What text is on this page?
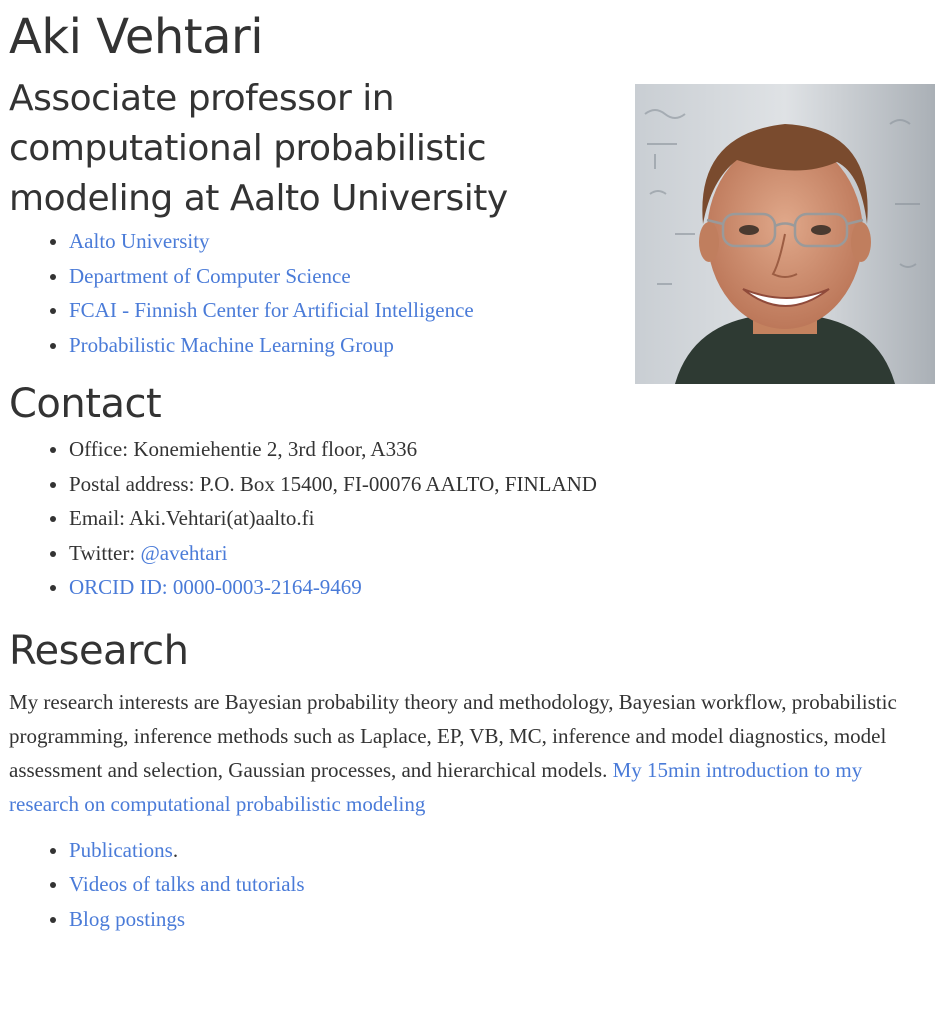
Aki Vehtari
Associate professor in computational probabilistic modeling at Aalto University
• Aalto University
• Department of Computer Science
• FCAI - Finnish Center for Artificial Intelligence
• Probabilistic Machine Learning Group
Contact
• Office: Konemiehentie 2, 3rd floor, A336
• Postal address: P.O. Box 15400, FI-00076 AALTO, FINLAND
• Email: Aki.Vehtari(at)aalto.fi
• Twitter: @avehtari
• ORCID ID: 0000-0003-2164-9469
Research

My research interests are Bayesian probability theory and methodology, Bayesian workflow, probabilistic programming, inference methods such as Laplace, EP, VB, MC, inference and model diagnostics, model assessment and selection, Gaussian processes, and hierarchical models. My 15min introduction to my research on computational probabilistic modeling

• Publications.
• Videos of talks and tutorials
• Blog postings
